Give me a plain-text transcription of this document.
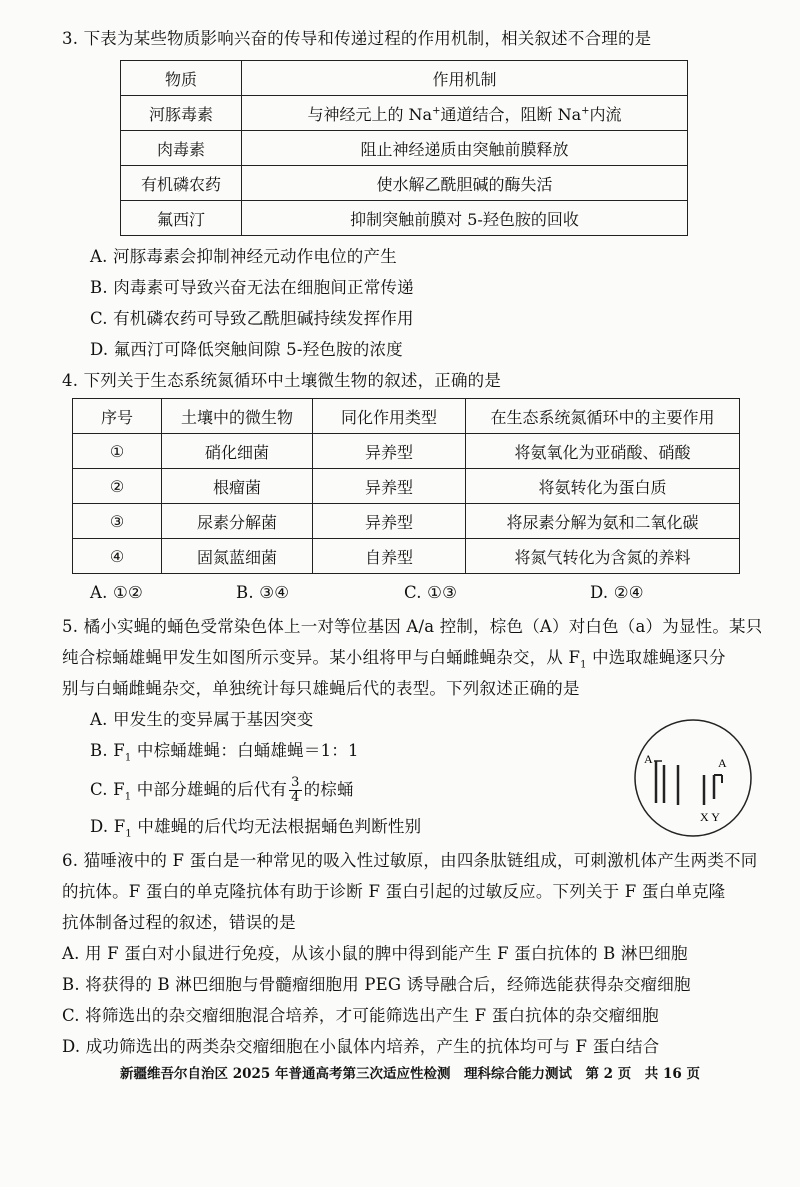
3. 下表为某些物质影响兴奋的传导和传递过程的作用机制，相关叙述不合理的是
物质	作用机制
河豚毒素	与神经元上的 Na+通道结合，阻断 Na+内流
肉毒素	阻止神经递质由突触前膜释放
有机磷农药	使水解乙酰胆碱的酶失活
氟西汀	抑制突触前膜对 5-羟色胺的回收
A. 河豚毒素会抑制神经元动作电位的产生
B. 肉毒素可导致兴奋无法在细胞间正常传递
C. 有机磷农药可导致乙酰胆碱持续发挥作用
D. 氟西汀可降低突触间隙 5-羟色胺的浓度
4. 下列关于生态系统氮循环中土壤微生物的叙述，正确的是
序号	土壤中的微生物	同化作用类型	在生态系统氮循环中的主要作用
①	硝化细菌	异养型	将氨氧化为亚硝酸、硝酸
②	根瘤菌	异养型	将氨转化为蛋白质
③	尿素分解菌	异养型	将尿素分解为氨和二氧化碳
④	固氮蓝细菌	自养型	将氮气转化为含氮的养料
A. ①②	B. ③④	C. ①③	D. ②④
5. 橘小实蝇的蛹色受常染色体上一对等位基因 A/a 控制，棕色（A）对白色（a）为显性。某只
纯合棕蛹雄蝇甲发生如图所示变异。某小组将甲与白蛹雌蝇杂交，从 $F_1$ 中选取雄蝇逐只分
别与白蛹雌蝇杂交，单独统计每只雄蝇后代的表型。下列叙述正确的是
A. 甲发生的变异属于基因突变
B. $F_1$ 中棕蛹雄蝇：白蛹雄蝇＝1：1
C. $F_1$ 中部分雄蝇的后代有 $\frac{3}{4}$ 的棕蛹
D. $F_1$ 中雄蝇的后代均无法根据蛹色判断性别
A	A
X Y
6. 猫唾液中的 F 蛋白是一种常见的吸入性过敏原，由四条肽链组成，可刺激机体产生两类不同
的抗体。F 蛋白的单克隆抗体有助于诊断 F 蛋白引起的过敏反应。下列关于 F 蛋白单克隆
抗体制备过程的叙述，错误的是
A. 用 F 蛋白对小鼠进行免疫，从该小鼠的脾中得到能产生 F 蛋白抗体的 B 淋巴细胞
B. 将获得的 B 淋巴细胞与骨髓瘤细胞用 PEG 诱导融合后，经筛选能获得杂交瘤细胞
C. 将筛选出的杂交瘤细胞混合培养，才可能筛选出产生 F 蛋白抗体的杂交瘤细胞
D. 成功筛选出的两类杂交瘤细胞在小鼠体内培养，产生的抗体均可与 F 蛋白结合
新疆维吾尔自治区 2025 年普通高考第三次适应性检测　理科综合能力测试　第 2 页　共 16 页
